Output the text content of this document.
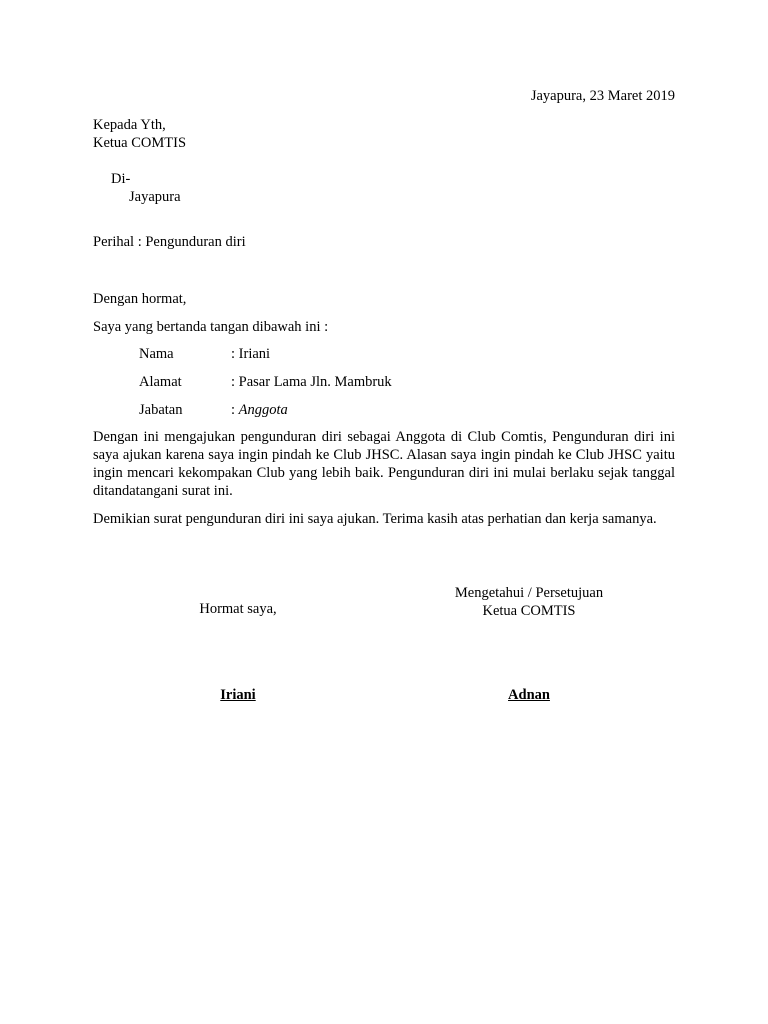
Jayapura, 23 Maret 2019
Kepada Yth,
Ketua COMTIS
Di-
Jayapura
Perihal : Pengunduran diri
Dengan hormat,
Saya yang bertanda tangan dibawah ini :
Nama	: Iriani
Alamat	: Pasar Lama Jln. Mambruk
Jabatan	: Anggota
Dengan ini mengajukan pengunduran diri sebagai Anggota di Club Comtis, Pengunduran diri ini saya ajukan karena saya ingin pindah ke Club JHSC. Alasan saya ingin pindah ke Club JHSC yaitu ingin mencari kekompakan Club yang lebih baik. Pengunduran diri ini mulai berlaku sejak tanggal ditandatangani surat ini.
Demikian surat pengunduran diri ini saya ajukan. Terima kasih atas perhatian dan kerja samanya.
Hormat saya,
Iriani
Mengetahui / Persetujuan
Ketua COMTIS
Adnan
